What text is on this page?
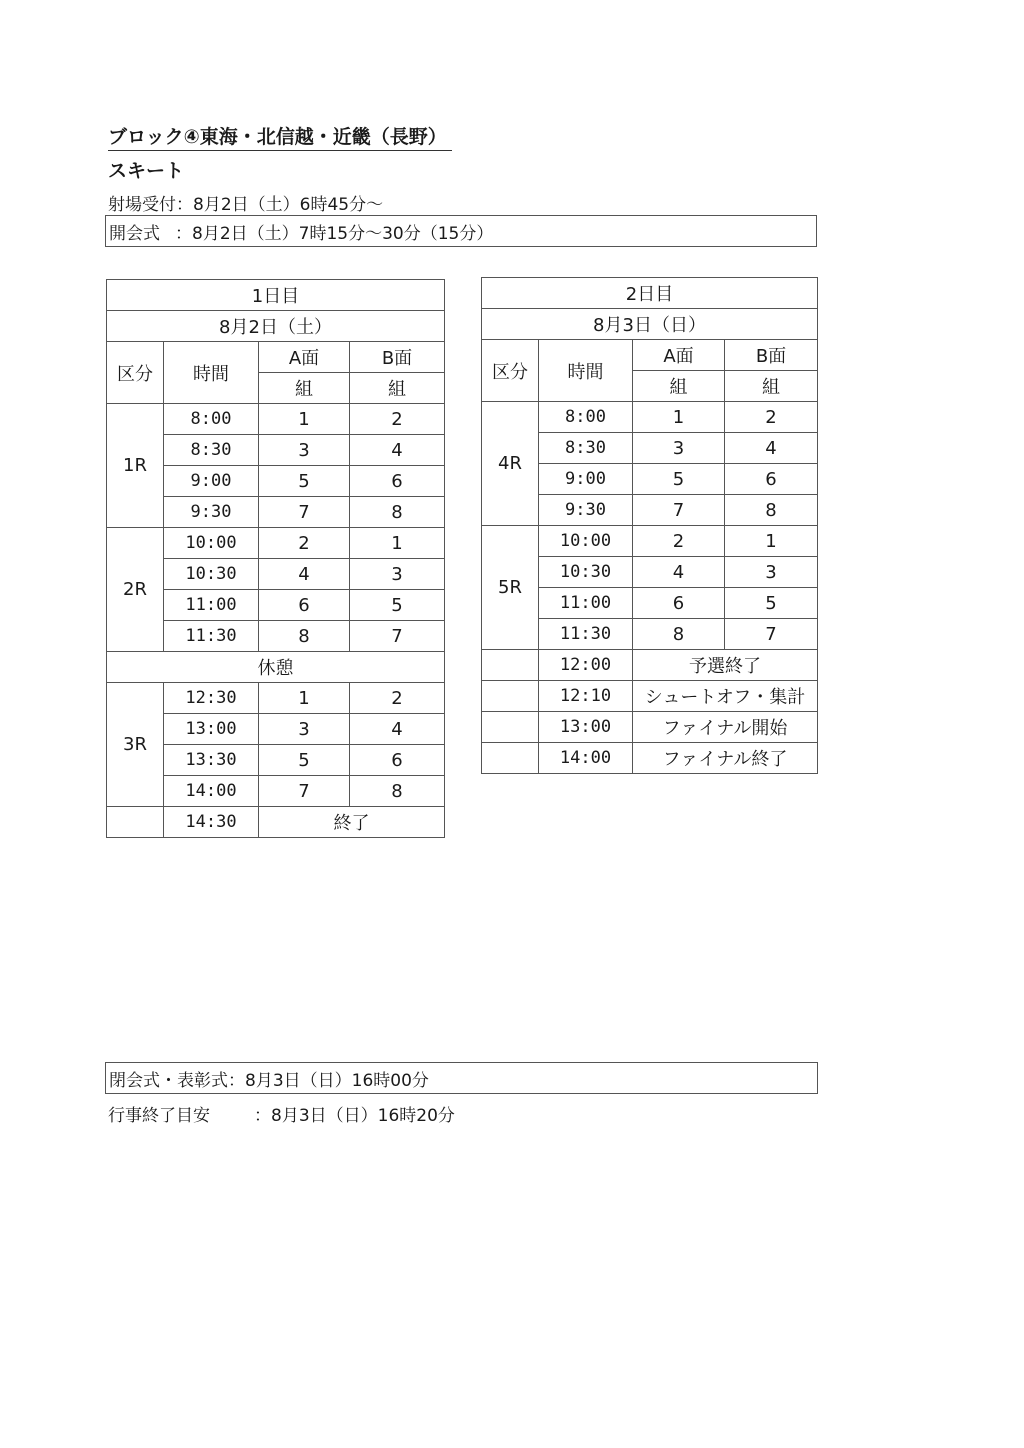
ブロック④東海・北信越・近畿（長野）
スキート
射場受付：8月2日（土）6時45分～
開会式 ：8月2日（土）7時15分～30分（15分）
1日目			
8月2日（土）			
区分	時間	A面	B面
		組	組
1R	8:00	1	2
	8:30	3	4
	9:00	5	6
	9:30	7	8
2R	10:00	2	1
	10:30	4	3
	11:00	6	5
	11:30	8	7
休憩			
3R	12:30	1	2
	13:00	3	4
	13:30	5	6
	14:00	7	8
	14:30	終了	
2日目			
8月3日（日）			
区分	時間	A面	B面
		組	組
4R	8:00	1	2
	8:30	3	4
	9:00	5	6
	9:30	7	8
5R	10:00	2	1
	10:30	4	3
	11:00	6	5
	11:30	8	7
	12:00	予選終了	
	12:10	シュートオフ・集計	
	13:00	ファイナル開始	
	14:00	ファイナル終了	
閉会式・表彰式 ：8月3日（日）16時00分
行事終了目安	：8月3日（日）16時20分
